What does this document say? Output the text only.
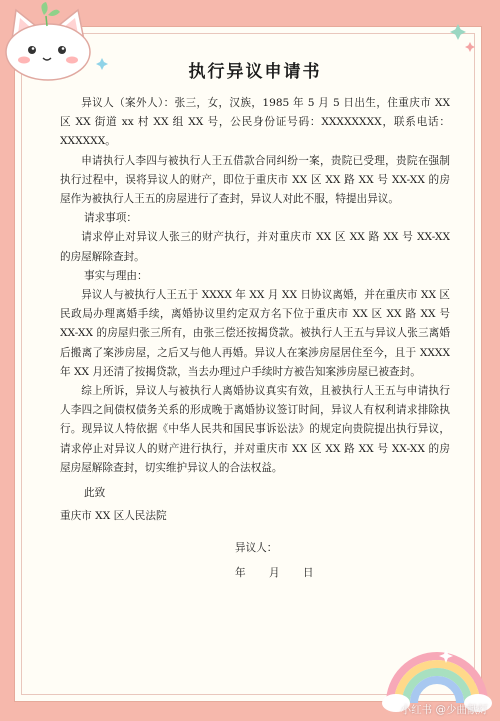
执行异议申请书

异议人（案外人）：张三，女，汉族，1985 年 5 月 5 日出生，住重庆市 XX 区 XX 街道 xx 村 XX 组 XX 号，公民身份证号码：XXXXXXXX，联系电话：XXXXXX。

申请执行人李四与被执行人王五借款合同纠纷一案，贵院已受理，贵院在强制执行过程中，误将异议人的财产，即位于重庆市 XX 区 XX 路 XX 号 XX-XX 的房屋作为被执行人王五的房屋进行了查封，异议人对此不服，特提出异议。

请求事项：

请求停止对异议人张三的财产执行，并对重庆市 XX 区 XX 路 XX 号 XX-XX 的房屋解除查封。

事实与理由：

异议人与被执行人王五于 XXXX 年 XX 月 XX 日协议离婚，并在重庆市 XX 区民政局办理离婚手续，离婚协议里约定双方名下位于重庆市 XX 区 XX 路 XX 号 XX-XX 的房屋归张三所有，由张三偿还按揭贷款。被执行人王五与异议人张三离婚后搬离了案涉房屋，之后又与他人再婚。异议人在案涉房屋居住至今，且于 XXXX 年 XX 月还清了按揭贷款，当去办理过户手续时方被告知案涉房屋已被查封。

综上所诉，异议人与被执行人离婚协议真实有效，且被执行人王五与申请执行人李四之间债权债务关系的形成晚于离婚协议签订时间，异议人有权利请求排除执行。现异议人特依据《中华人民共和国民事诉讼法》的规定向贵院提出执行异议，请求停止对异议人的财产进行执行，并对重庆市 XX 区 XX 路 XX 号 XX-XX 的房屋房屋解除查封，切实维护异议人的合法权益。

此致

重庆市 XX 区人民法院

异议人：
年 月 日
小红书 @少曲献灯
